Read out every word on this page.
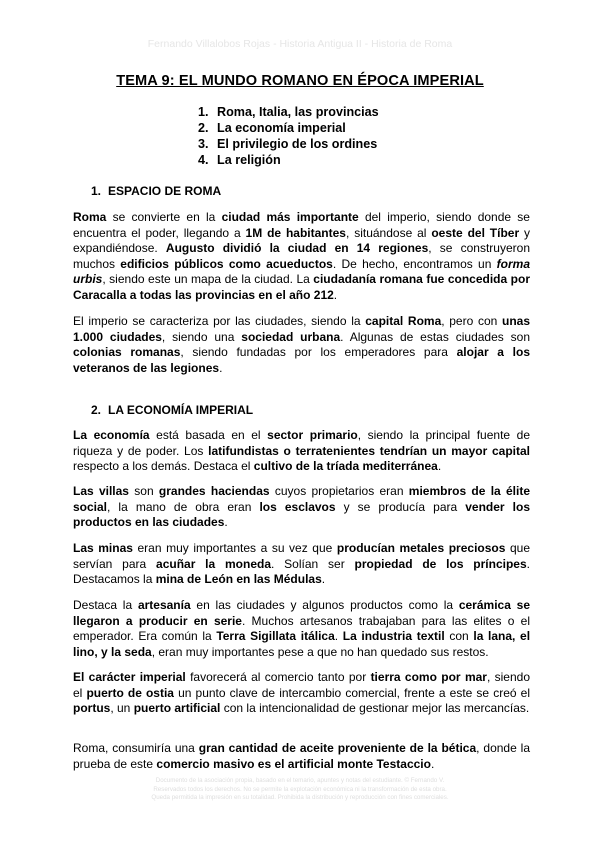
Fernando Villalobos Rojas - Historia Antigua II - Historia de Roma
TEMA 9: EL MUNDO ROMANO EN ÉPOCA IMPERIAL
1. Roma, Italia, las provincias
2. La economía imperial
3. El privilegio de los ordines
4. La religión
1. ESPACIO DE ROMA

Roma se convierte en la ciudad más importante del imperio, siendo donde se encuentra el poder, llegando a 1M de habitantes, situándose al oeste del Tíber y expandiéndose. Augusto dividió la ciudad en 14 regiones, se construyeron muchos edificios públicos como acueductos. De hecho, encontramos un forma urbis, siendo este un mapa de la ciudad. La ciudadanía romana fue concedida por Caracalla a todas las provincias en el año 212.

El imperio se caracteriza por las ciudades, siendo la capital Roma, pero con unas 1.000 ciudades, siendo una sociedad urbana. Algunas de estas ciudades son colonias romanas, siendo fundadas por los emperadores para alojar a los veteranos de las legiones.

2. LA ECONOMÍA IMPERIAL

La economía está basada en el sector primario, siendo la principal fuente de riqueza y de poder. Los latifundistas o terratenientes tendrían un mayor capital respecto a los demás. Destaca el cultivo de la tríada mediterránea.

Las villas son grandes haciendas cuyos propietarios eran miembros de la élite social, la mano de obra eran los esclavos y se producía para vender los productos en las ciudades.

Las minas eran muy importantes a su vez que producían metales preciosos que servían para acuñar la moneda. Solían ser propiedad de los príncipes. Destacamos la mina de León en las Médulas.

Destaca la artesanía en las ciudades y algunos productos como la cerámica se llegaron a producir en serie. Muchos artesanos trabajaban para las elites o el emperador. Era común la Terra Sigillata itálica. La industria textil con la lana, el lino, y la seda, eran muy importantes pese a que no han quedado sus restos.

El carácter imperial favorecerá al comercio tanto por tierra como por mar, siendo el puerto de ostia un punto clave de intercambio comercial, frente a este se creó el portus, un puerto artificial con la intencionalidad de gestionar mejor las mercancías.

Roma, consumiría una gran cantidad de aceite proveniente de la bética, donde la prueba de este comercio masivo es el artificial monte Testaccio.

Documento de la asociación propia, basado en el temario, apuntes y notas del estudiante. © Fernando V.
Reservados todos los derechos. No se permite la explotación económica ni la transformación de esta obra.
Queda permitida la impresión en su totalidad. Prohibida la distribución y reproducción con fines comerciales.
